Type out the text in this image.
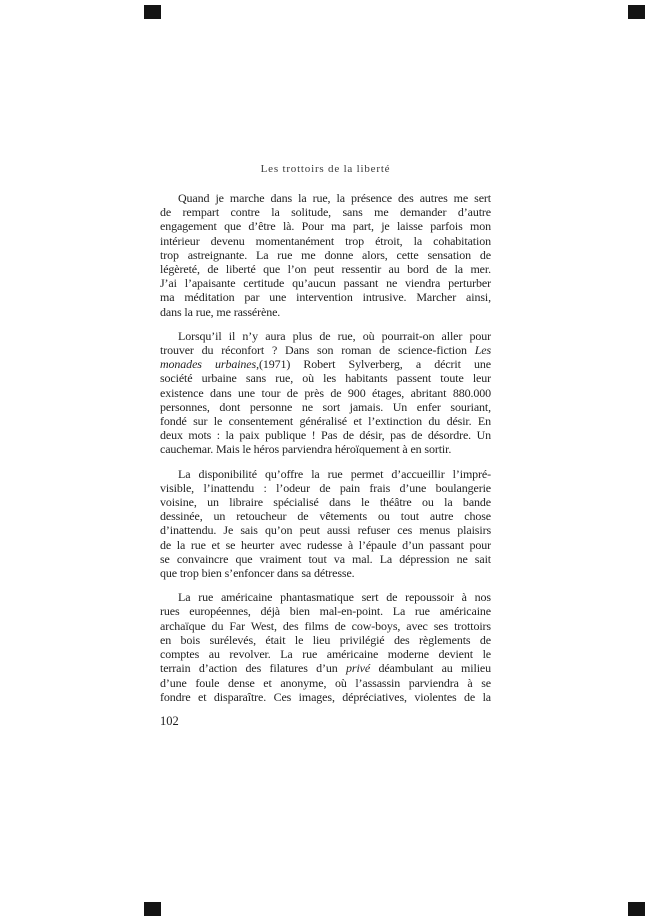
Les trottoirs de la liberté
Quand je marche dans la rue, la présence des autres me sert
de rempart contre la solitude, sans me demander d’autre
engagement que d’être là. Pour ma part, je laisse parfois mon
intérieur devenu momentanément trop étroit, la cohabitation
trop astreignante. La rue me donne alors, cette sensation de
légèreté, de liberté que l’on peut ressentir au bord de la mer.
J’ai l’apaisante certitude qu’aucun passant ne viendra perturber
ma méditation par une intervention intrusive. Marcher ainsi,
dans la rue, me rassérène.
Lorsqu’il il n’y aura plus de rue, où pourrait-on aller pour
trouver du réconfort ? Dans son roman de science-fiction Les
monades urbaines,(1971) Robert Sylverberg, a décrit une
société urbaine sans rue, où les habitants passent toute leur
existence dans une tour de près de 900 étages, abritant 880.000
personnes, dont personne ne sort jamais. Un enfer souriant,
fondé sur le consentement généralisé et l’extinction du désir. En
deux mots : la paix publique ! Pas de désir, pas de désordre. Un
cauchemar. Mais le héros parviendra héroïquement à en sortir.
La disponibilité qu’offre la rue permet d’accueillir l’impré-
visible, l’inattendu : l’odeur de pain frais d’une boulangerie
voisine, un libraire spécialisé dans le théâtre ou la bande
dessinée, un retoucheur de vêtements ou tout autre chose
d’inattendu. Je sais qu’on peut aussi refuser ces menus plaisirs
de la rue et se heurter avec rudesse à l’épaule d’un passant pour
se convaincre que vraiment tout va mal. La dépression ne sait
que trop bien s’enfoncer dans sa détresse.
La rue américaine phantasmatique sert de repoussoir à nos
rues européennes, déjà bien mal-en-point. La rue américaine
archaïque du Far West, des films de cow-boys, avec ses trottoirs
en bois surélevés, était le lieu privilégié des règlements de
comptes au revolver. La rue américaine moderne devient le
terrain d’action des filatures d’un privé déambulant au milieu
d’une foule dense et anonyme, où l’assassin parviendra à se
fondre et disparaître. Ces images, dépréciatives, violentes de la
102
